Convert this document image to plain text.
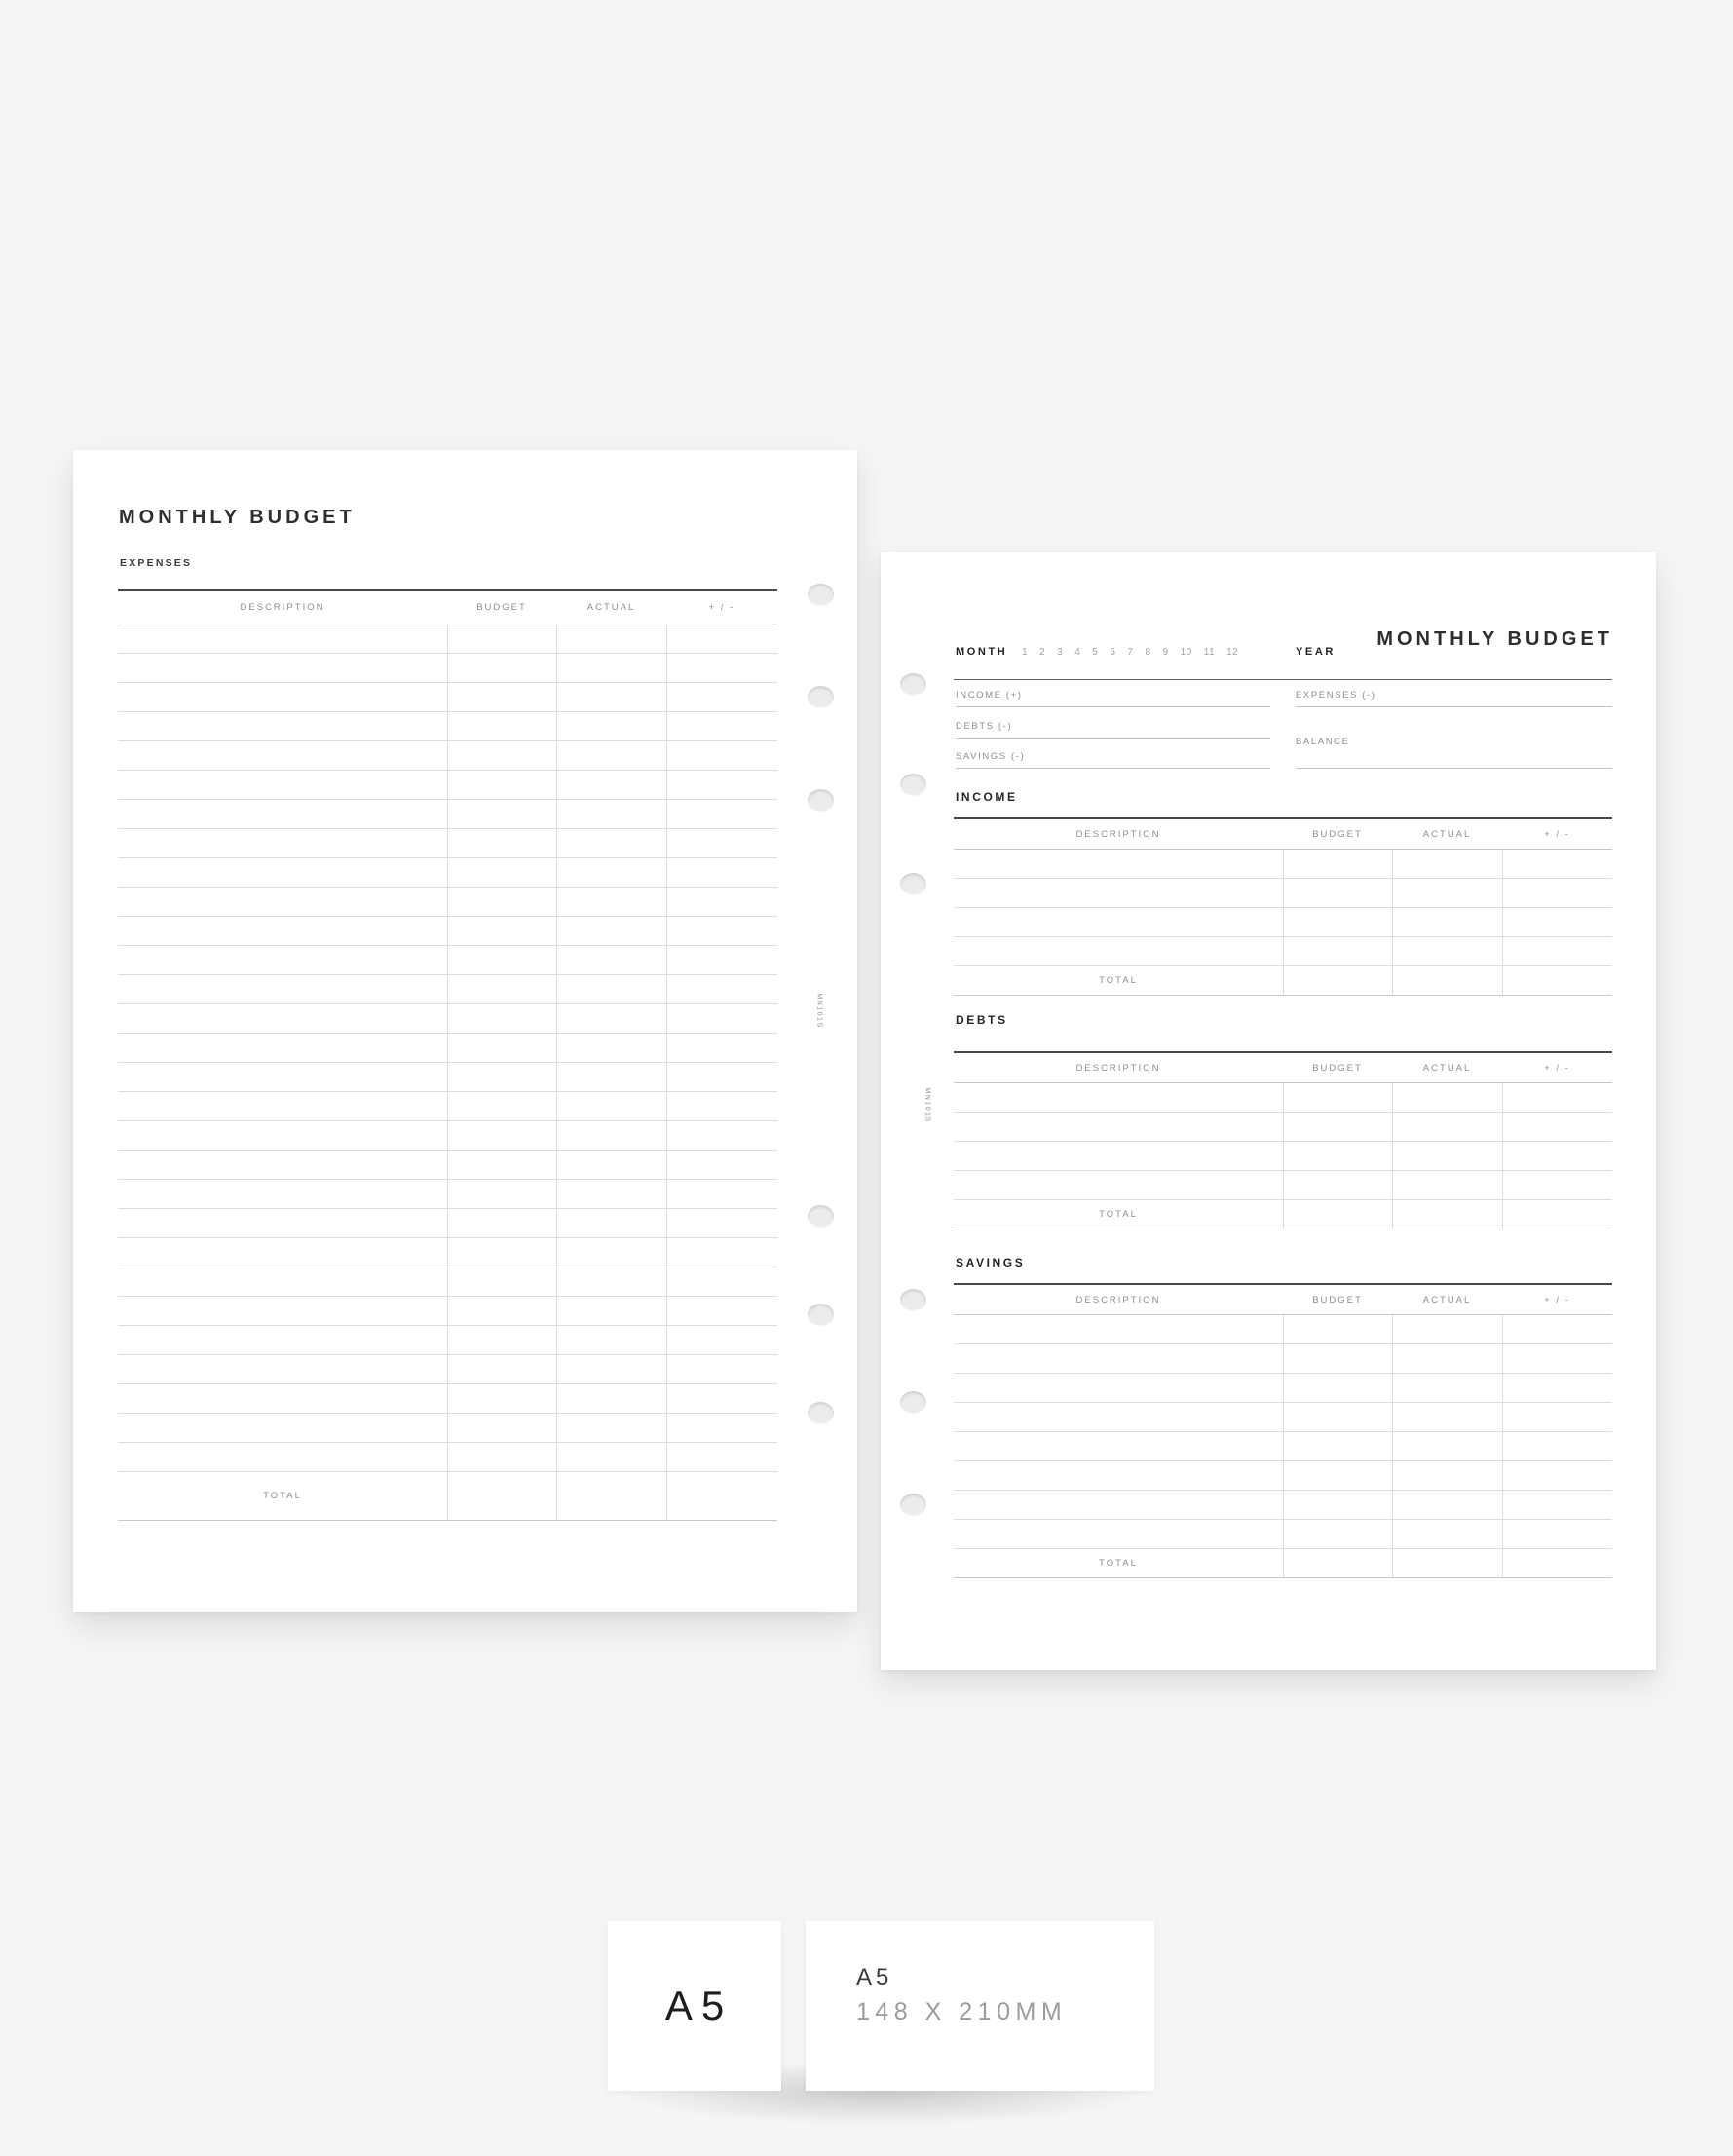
MONTHLY BUDGET
EXPENSES
DESCRIPTION	BUDGET	ACTUAL	+ / -
TOTAL
MN101S
MONTHLY BUDGET
MONTH 1 2 3 4 5 6 7 8 9 10 11 12	YEAR
INCOME (+)
DEBTS (-)
SAVINGS (-)
EXPENSES (-)
$_{BALANCE}$
INCOME
DESCRIPTION	BUDGET	ACTUAL	+ / -
TOTAL
DEBTS
DESCRIPTION	BUDGET	ACTUAL	+ / -
TOTAL
SAVINGS
DESCRIPTION	BUDGET	ACTUAL	+ / -
TOTAL
MN101S
A5
A5
148 X 210MM
